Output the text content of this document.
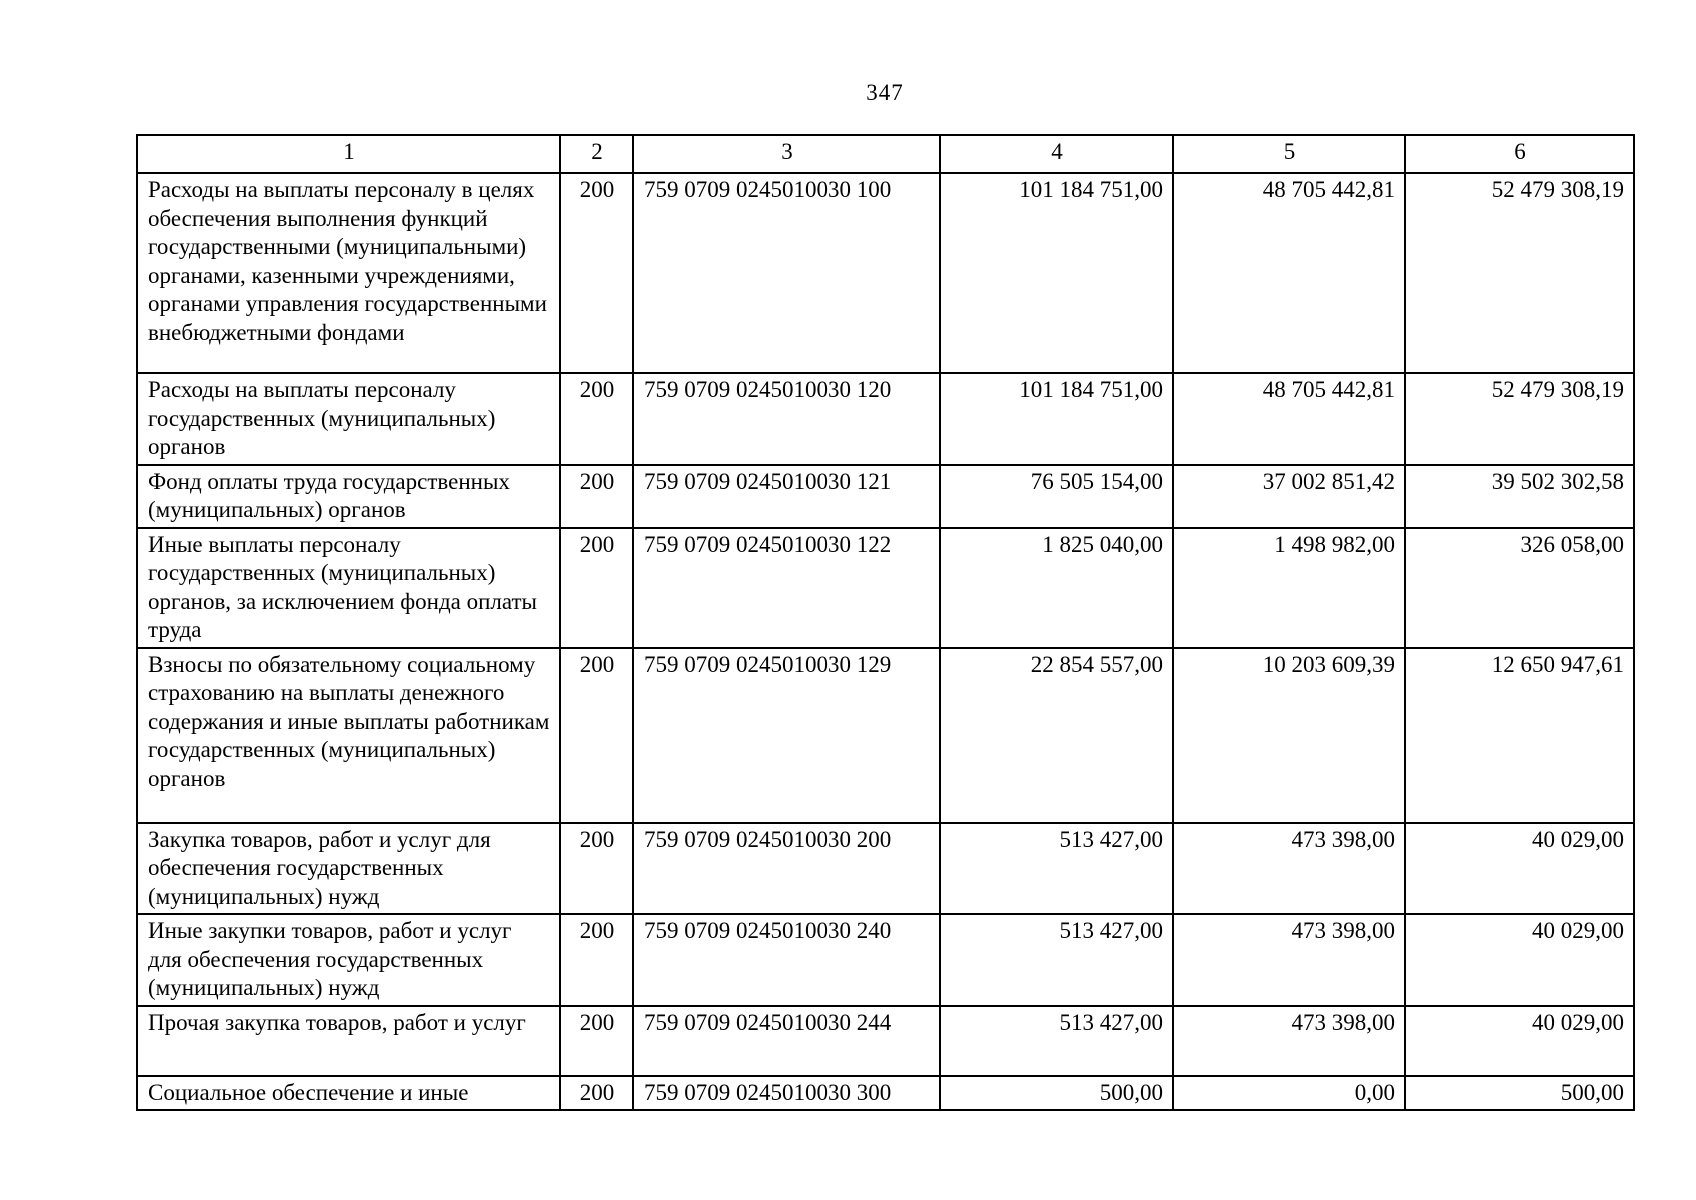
347
1	2	3	4	5	6
Расходы на выплаты персоналу в целях обеспечения выполнения функций государственными (муниципальными) органами, казенными учреждениями, органами управления государственными внебюджетными фондами	200	759 0709 0245010030 100	101 184 751,00	48 705 442,81	52 479 308,19
Расходы на выплаты персоналу государственных (муниципальных) органов	200	759 0709 0245010030 120	101 184 751,00	48 705 442,81	52 479 308,19
Фонд оплаты труда государственных (муниципальных) органов	200	759 0709 0245010030 121	76 505 154,00	37 002 851,42	39 502 302,58
Иные выплаты персоналу государственных (муниципальных) органов, за исключением фонда оплаты труда	200	759 0709 0245010030 122	1 825 040,00	1 498 982,00	326 058,00
Взносы по обязательному социальному страхованию на выплаты денежного содержания и иные выплаты работникам государственных (муниципальных) органов	200	759 0709 0245010030 129	22 854 557,00	10 203 609,39	12 650 947,61
Закупка товаров, работ и услуг для обеспечения государственных (муниципальных) нужд	200	759 0709 0245010030 200	513 427,00	473 398,00	40 029,00
Иные закупки товаров, работ и услуг для обеспечения государственных (муниципальных) нужд	200	759 0709 0245010030 240	513 427,00	473 398,00	40 029,00
Прочая закупка товаров, работ и услуг	200	759 0709 0245010030 244	513 427,00	473 398,00	40 029,00
Социальное обеспечение и иные	200	759 0709 0245010030 300	500,00	0,00	500,00
